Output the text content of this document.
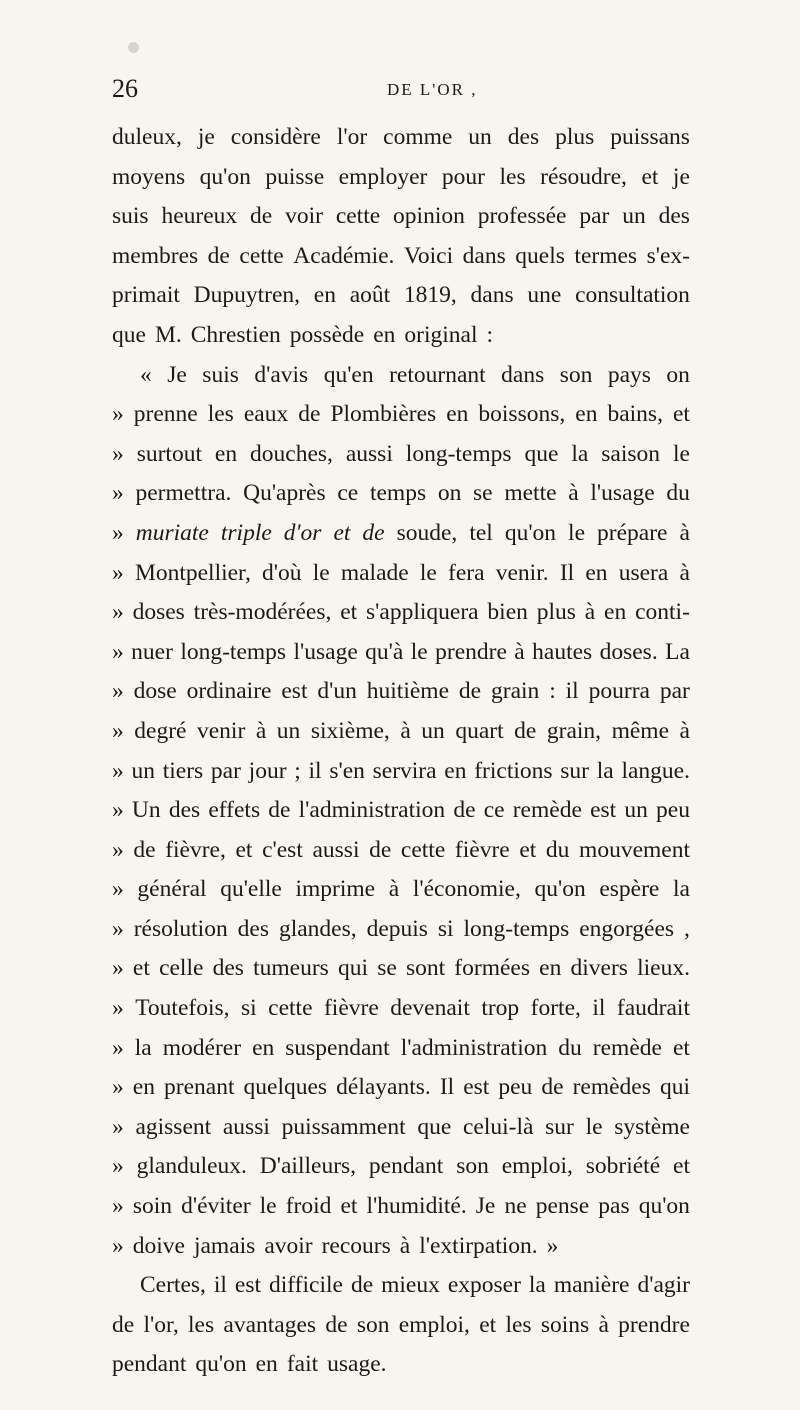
26	DE L'OR ,
duleux, je considère l'or comme un des plus puissans
moyens qu'on puisse employer pour les résoudre, et je
suis heureux de voir cette opinion professée par un des
membres de cette Académie. Voici dans quels termes s'ex-
primait Dupuytren, en août 1819, dans une consultation
que M. Chrestien possède en original :
« Je suis d'avis qu'en retournant dans son pays on
» prenne les eaux de Plombières en boissons, en bains, et
» surtout en douches, aussi long-temps que la saison le
» permettra. Qu'après ce temps on se mette à l'usage du
» muriate triple d'or et de soude, tel qu'on le prépare à
» Montpellier, d'où le malade le fera venir. Il en usera à
» doses très-modérées, et s'appliquera bien plus à en conti-
» nuer long-temps l'usage qu'à le prendre à hautes doses. La
» dose ordinaire est d'un huitième de grain : il pourra par
» degré venir à un sixième, à un quart de grain, même à
» un tiers par jour ; il s'en servira en frictions sur la langue.
» Un des effets de l'administration de ce remède est un peu
» de fièvre, et c'est aussi de cette fièvre et du mouvement
» général qu'elle imprime à l'économie, qu'on espère la
» résolution des glandes, depuis si long-temps engorgées ,
» et celle des tumeurs qui se sont formées en divers lieux.
» Toutefois, si cette fièvre devenait trop forte, il faudrait
» la modérer en suspendant l'administration du remède et
» en prenant quelques délayants. Il est peu de remèdes qui
» agissent aussi puissamment que celui-là sur le système
» glanduleux. D'ailleurs, pendant son emploi, sobriété et
» soin d'éviter le froid et l'humidité. Je ne pense pas qu'on
» doive jamais avoir recours à l'extirpation. »
Certes, il est difficile de mieux exposer la manière d'agir
de l'or, les avantages de son emploi, et les soins à prendre
pendant qu'on en fait usage.
